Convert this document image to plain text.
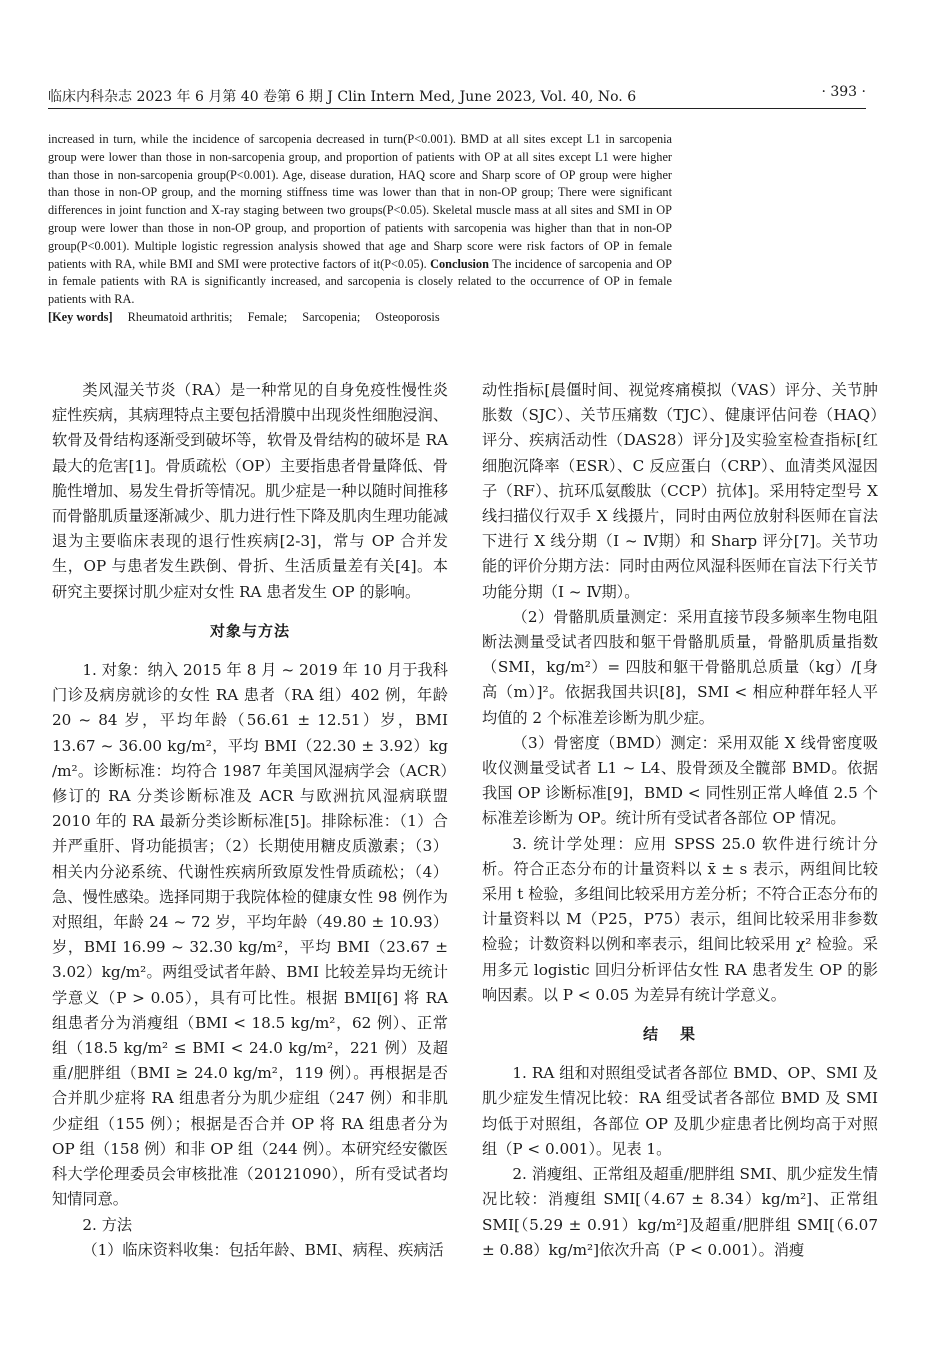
临床内科杂志 2023 年 6 月第 40 卷第 6 期 J Clin Intern Med, June 2023, Vol. 40, No. 6	· 393 ·

increased in turn, while the incidence of sarcopenia decreased in turn(P<0.001). BMD at all sites except L1 in sarcopenia group were lower than those in non-sarcopenia group, and proportion of patients with OP at all sites except L1 were higher than those in non-sarcopenia group(P<0.001). Age, disease duration, HAQ score and Sharp score of OP group were higher than those in non-OP group, and the morning stiffness time was lower than that in non-OP group; There were significant differences in joint function and X-ray staging between two groups(P<0.05). Skeletal muscle mass at all sites and SMI in OP group were lower than those in non-OP group, and proportion of patients with sarcopenia was higher than that in non-OP group(P<0.001). Multiple logistic regression analysis showed that age and Sharp score were risk factors of OP in female patients with RA, while BMI and SMI were protective factors of it(P<0.05). Conclusion The incidence of sarcopenia and OP in female patients with RA is significantly increased, and sarcopenia is closely related to the occurrence of OP in female patients with RA.

[Key words] Rheumatoid arthritis; Female; Sarcopenia; Osteoporosis

类风湿关节炎（RA）是一种常见的自身免疫性慢性炎症性疾病，其病理特点主要包括滑膜中出现炎性细胞浸润、软骨及骨结构逐渐受到破坏等，软骨及骨结构的破坏是 RA 最大的危害[1]。骨质疏松（OP）主要指患者骨量降低、骨脆性增加、易发生骨折等情况。肌少症是一种以随时间推移而骨骼肌质量逐渐减少、肌力进行性下降及肌肉生理功能减退为主要临床表现的退行性疾病[2-3]，常与 OP 合并发生，OP 与患者发生跌倒、骨折、生活质量差有关[4]。本研究主要探讨肌少症对女性 RA 患者发生 OP 的影响。

对象与方法

1. 对象：纳入 2015 年 8 月 ~ 2019 年 10 月于我科门诊及病房就诊的女性 RA 患者（RA 组）402 例，年龄 20 ~ 84 岁，平均年龄（56.61 ± 12.51）岁，BMI 13.67 ~ 36.00 kg/m²，平均 BMI（22.30 ± 3.92）kg /m²。诊断标准：均符合 1987 年美国风湿病学会（ACR）修订的 RA 分类诊断标准及 ACR 与欧洲抗风湿病联盟 2010 年的 RA 最新分类诊断标准[5]。排除标准：（1）合并严重肝、肾功能损害；（2）长期使用糖皮质激素；（3）相关内分泌系统、代谢性疾病所致原发性骨质疏松；（4）急、慢性感染。选择同期于我院体检的健康女性 98 例作为对照组，年龄 24 ~ 72 岁，平均年龄（49.80 ± 10.93）岁，BMI 16.99 ~ 32.30 kg/m²，平均 BMI（23.67 ± 3.02）kg/m²。两组受试者年龄、BMI 比较差异均无统计学意义（P > 0.05），具有可比性。根据 BMI[6] 将 RA 组患者分为消瘦组（BMI < 18.5 kg/m²，62 例）、正常组（18.5 kg/m² ≤ BMI < 24.0 kg/m²，221 例）及超重/肥胖组（BMI ≥ 24.0 kg/m²，119 例）。再根据是否合并肌少症将 RA 组患者分为肌少症组（247 例）和非肌少症组（155 例）；根据是否合并 OP 将 RA 组患者分为 OP 组（158 例）和非 OP 组（244 例）。本研究经安徽医科大学伦理委员会审核批准（20121090），所有受试者均知情同意。

2. 方法

（1）临床资料收集：包括年龄、BMI、病程、疾病活

动性指标[晨僵时间、视觉疼痛模拟（VAS）评分、关节肿胀数（SJC）、关节压痛数（TJC）、健康评估问卷（HAQ）评分、疾病活动性（DAS28）评分]及实验室检查指标[红细胞沉降率（ESR）、C 反应蛋白（CRP）、血清类风湿因子（RF）、抗环瓜氨酸肽（CCP）抗体]。采用特定型号 X 线扫描仪行双手 X 线摄片，同时由两位放射科医师在盲法下进行 X 线分期（Ⅰ ~ Ⅳ期）和 Sharp 评分[7]。关节功能的评价分期方法：同时由两位风湿科医师在盲法下行关节功能分期（Ⅰ ~ Ⅳ期）。

（2）骨骼肌质量测定：采用直接节段多频率生物电阻断法测量受试者四肢和躯干骨骼肌质量，骨骼肌质量指数（SMI，kg/m²）= 四肢和躯干骨骼肌总质量（kg）/[身高（m）]²。依据我国共识[8]，SMI < 相应种群年轻人平均值的 2 个标准差诊断为肌少症。

（3）骨密度（BMD）测定：采用双能 X 线骨密度吸收仪测量受试者 L1 ~ L4、股骨颈及全髋部 BMD。依据我国 OP 诊断标准[9]，BMD < 同性别正常人峰值 2.5 个标准差诊断为 OP。统计所有受试者各部位 OP 情况。

3. 统计学处理：应用 SPSS 25.0 软件进行统计分析。符合正态分布的计量资料以 x̄ ± s 表示，两组间比较采用 t 检验，多组间比较采用方差分析；不符合正态分布的计量资料以 M（P25，P75）表示，组间比较采用非参数检验；计数资料以例和率表示，组间比较采用 χ² 检验。采用多元 logistic 回归分析评估女性 RA 患者发生 OP 的影响因素。以 P < 0.05 为差异有统计学意义。

结果

1. RA 组和对照组受试者各部位 BMD、OP、SMI 及肌少症发生情况比较：RA 组受试者各部位 BMD 及 SMI 均低于对照组，各部位 OP 及肌少症患者比例均高于对照组（P < 0.001）。见表 1。

2. 消瘦组、正常组及超重/肥胖组 SMI、肌少症发生情况比较：消瘦组 SMI[（4.67 ± 8.34）kg/m²]、正常组 SMI[（5.29 ± 0.91）kg/m²]及超重/肥胖组 SMI[（6.07 ± 0.88）kg/m²]依次升高（P < 0.001）。消瘦
